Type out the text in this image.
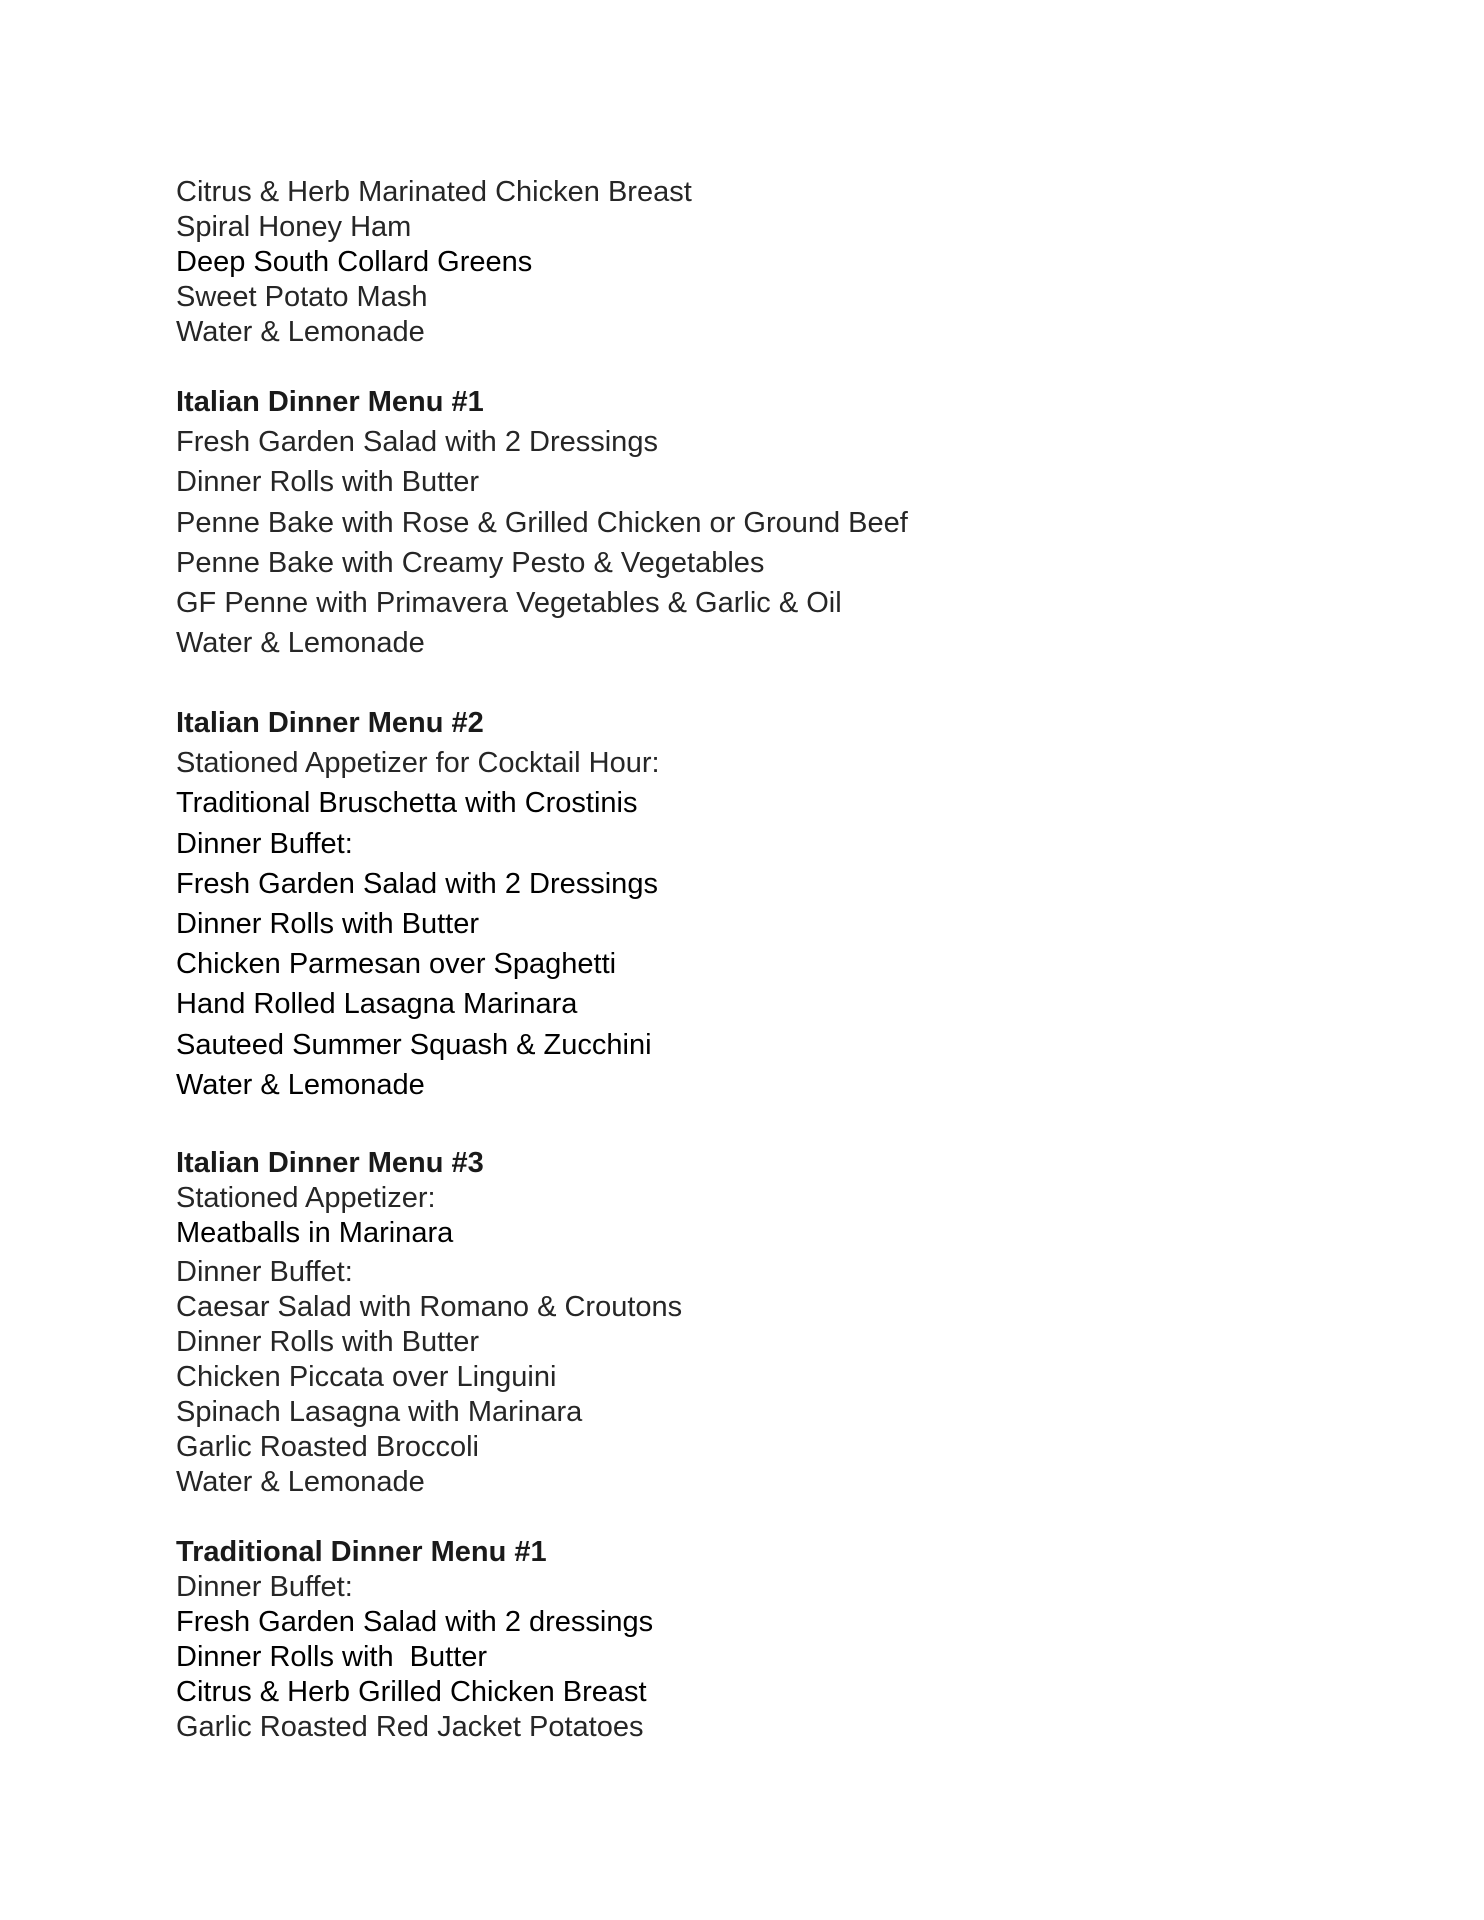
Citrus & Herb Marinated Chicken Breast

Spiral Honey Ham

Deep South Collard Greens

Sweet Potato Mash

Water & Lemonade

Italian Dinner Menu #1

Fresh Garden Salad with 2 Dressings

Dinner Rolls with Butter

Penne Bake with Rose & Grilled Chicken or Ground Beef

Penne Bake with Creamy Pesto & Vegetables

GF Penne with Primavera Vegetables & Garlic & Oil

Water & Lemonade

Italian Dinner Menu #2

Stationed Appetizer for Cocktail Hour:

Traditional Bruschetta with Crostinis

Dinner Buffet:

Fresh Garden Salad with 2 Dressings

Dinner Rolls with Butter

Chicken Parmesan over Spaghetti

Hand Rolled Lasagna Marinara

Sauteed Summer Squash & Zucchini

Water & Lemonade

Italian Dinner Menu #3

Stationed Appetizer:

Meatballs in Marinara

Dinner Buffet:

Caesar Salad with Romano & Croutons

Dinner Rolls with Butter

Chicken Piccata over Linguini

Spinach Lasagna with Marinara

Garlic Roasted Broccoli

Water & Lemonade

Traditional Dinner Menu #1

Dinner Buffet:

Fresh Garden Salad with 2 dressings

Dinner Rolls with  Butter

Citrus & Herb Grilled Chicken Breast

Garlic Roasted Red Jacket Potatoes
